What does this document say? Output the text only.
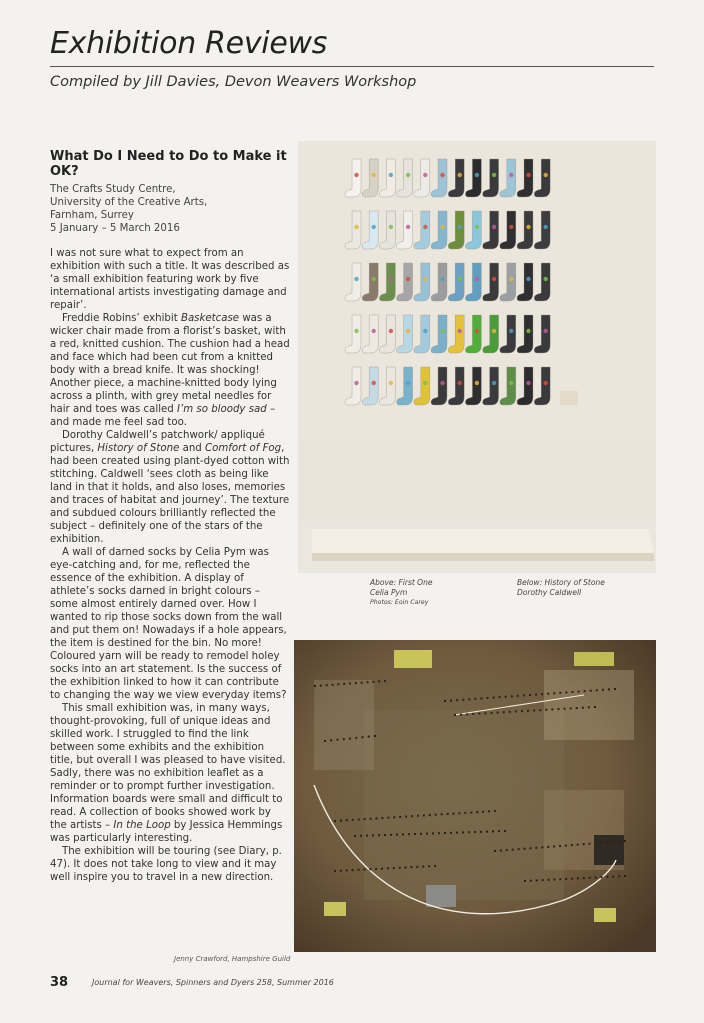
Exhibition Reviews
Compiled by Jill Davies, Devon Weavers Workshop
What Do I Need to Do to Make it OK?
The Crafts Study Centre,
University of the Creative Arts,
Farnham, Surrey
5 January – 5 March 2016

I was not sure what to expect from an exhibition with such a title. It was described as ‘a small exhibition featuring work by five international artists investigating damage and repair’.

Freddie Robins’ exhibit Basketcase was a wicker chair made from a florist’s basket, with a red, knitted cushion. The cushion had a head and face which had been cut from a knitted body with a bread knife. It was shocking! Another piece, a machine-knitted body lying across a plinth, with grey metal needles for hair and toes was called I’m so bloody sad – and made me feel sad too.

Dorothy Caldwell’s patchwork/ appliqué pictures, History of Stone and Comfort of Fog, had been created using plant-dyed cotton with stitching. Caldwell ‘sees cloth as being like land in that it holds, and also loses, memories and traces of habitat and journey’. The texture and subdued colours brilliantly reflected the subject – definitely one of the stars of the exhibition.

A wall of darned socks by Celia Pym was eye-catching and, for me, reflected the essence of the exhibition. A display of athlete’s socks darned in bright colours – some almost entirely darned over. How I wanted to rip those socks down from the wall and put them on! Nowadays if a hole appears, the item is destined for the bin. No more! Coloured yarn will be ready to remodel holey socks into an art statement. Is the success of the exhibition linked to how it can contribute to changing the way we view everyday items?

This small exhibition was, in many ways, thought-provoking, full of unique ideas and skilled work. I struggled to find the link between some exhibits and the exhibition title, but overall I was pleased to have visited. Sadly, there was no exhibition leaflet as a reminder or to prompt further investigation. Information boards were small and difficult to read. A collection of books showed work by the artists – In the Loop by Jessica Hemmings was particularly interesting.

The exhibition will be touring (see Diary, p. 47). It does not take long to view and it may well inspire you to travel in a new direction.

Jenny Crawford, Hampshire Guild
Above: First One
Celia Pym
Photos: Eoin Carey
Below: History of Stone
Dorothy Caldwell
38	Journal for Weavers, Spinners and Dyers 258, Summer 2016
